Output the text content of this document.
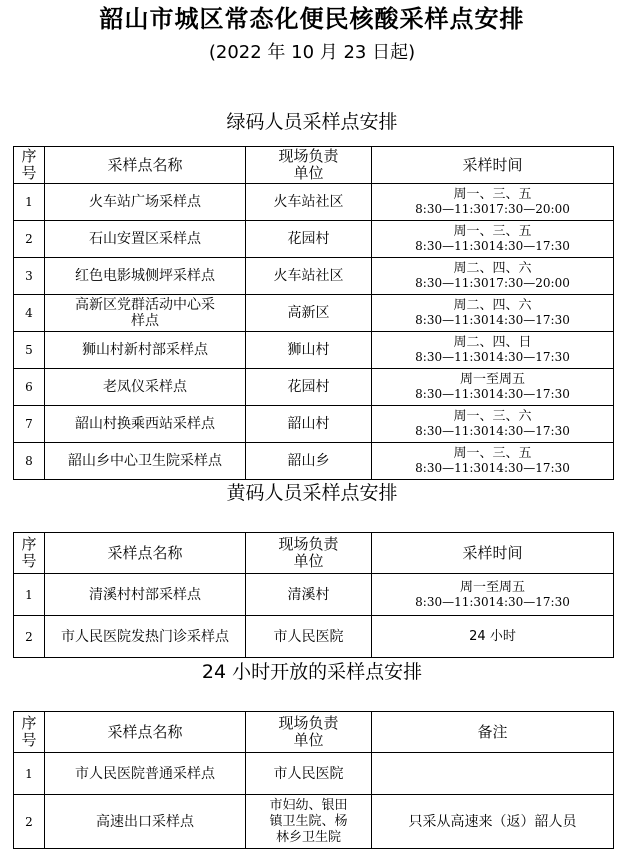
韶山市城区常态化便民核酸采样点安排
(2022 年 10 月 23 日起)
绿码人员采样点安排
序号	采样点名称	现场负责单位	采样时间
1	火车站广场采样点	火车站社区	周一、三、五
8:30—11:3017:30—20:00

2	石山安置区采样点	花园村	周一、三、五
8:30—11:3014:30—17:30

3	红色电影城侧坪采样点	火车站社区	周二、四、六
8:30—11:3017:30—20:00

4	高新区党群活动中心采样点	高新区	周二、四、六
8:30—11:3014:30—17:30

5	狮山村新村部采样点	狮山村	周二、四、日
8:30—11:3014:30—17:30

6	老凤仪采样点	花园村	周一至周五
8:30—11:3014:30—17:30

7	韶山村换乘西站采样点	韶山村	周一、三、六
8:30—11:3014:30—17:30

8	韶山乡中心卫生院采样点	韶山乡	周一、三、五
8:30—11:3014:30—17:30
黄码人员采样点安排
序号	采样点名称	现场负责单位	采样时间
1	清溪村村部采样点	清溪村	周一至周五
8:30—11:3014:30—17:30

2	市人民医院发热门诊采样点	市人民医院	24 小时
24 小时开放的采样点安排
序号	采样点名称	现场负责单位	备注
1	市人民医院普通采样点	市人民医院	
2	高速出口采样点	市妇幼、银田镇卫生院、杨林乡卫生院	只采从高速来（返）韶人员
